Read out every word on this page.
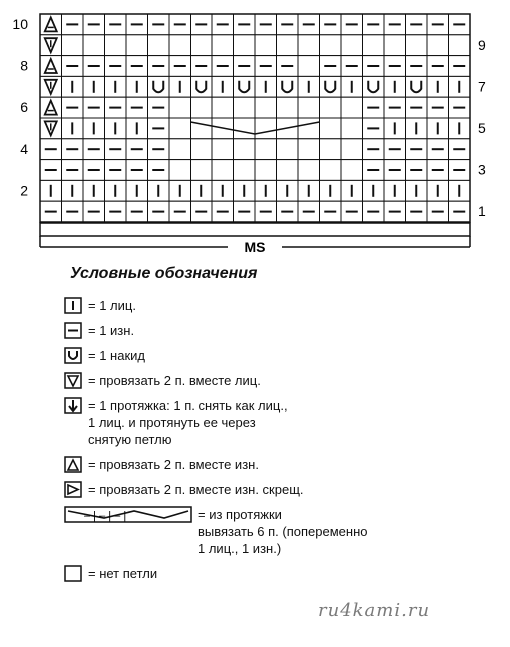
10
8
6
4
2
9
7
5
3
1
MS
Условные обозначения
= 1 лиц.
= 1 изн.
= 1 накид
= провязать 2 п. вместе лиц.
= 1 протяжка: 1 п. снять как лиц.,
1 лиц. и протянуть ее через
снятую петлю
= провязать 2 п. вместе изн.
= провязать 2 п. вместе изн. скрещ.
– | – | – |	= из протяжки
вывязать 6 п. (попеременно
1 лиц., 1 изн.)
= нет петли
ru4kami.ru
